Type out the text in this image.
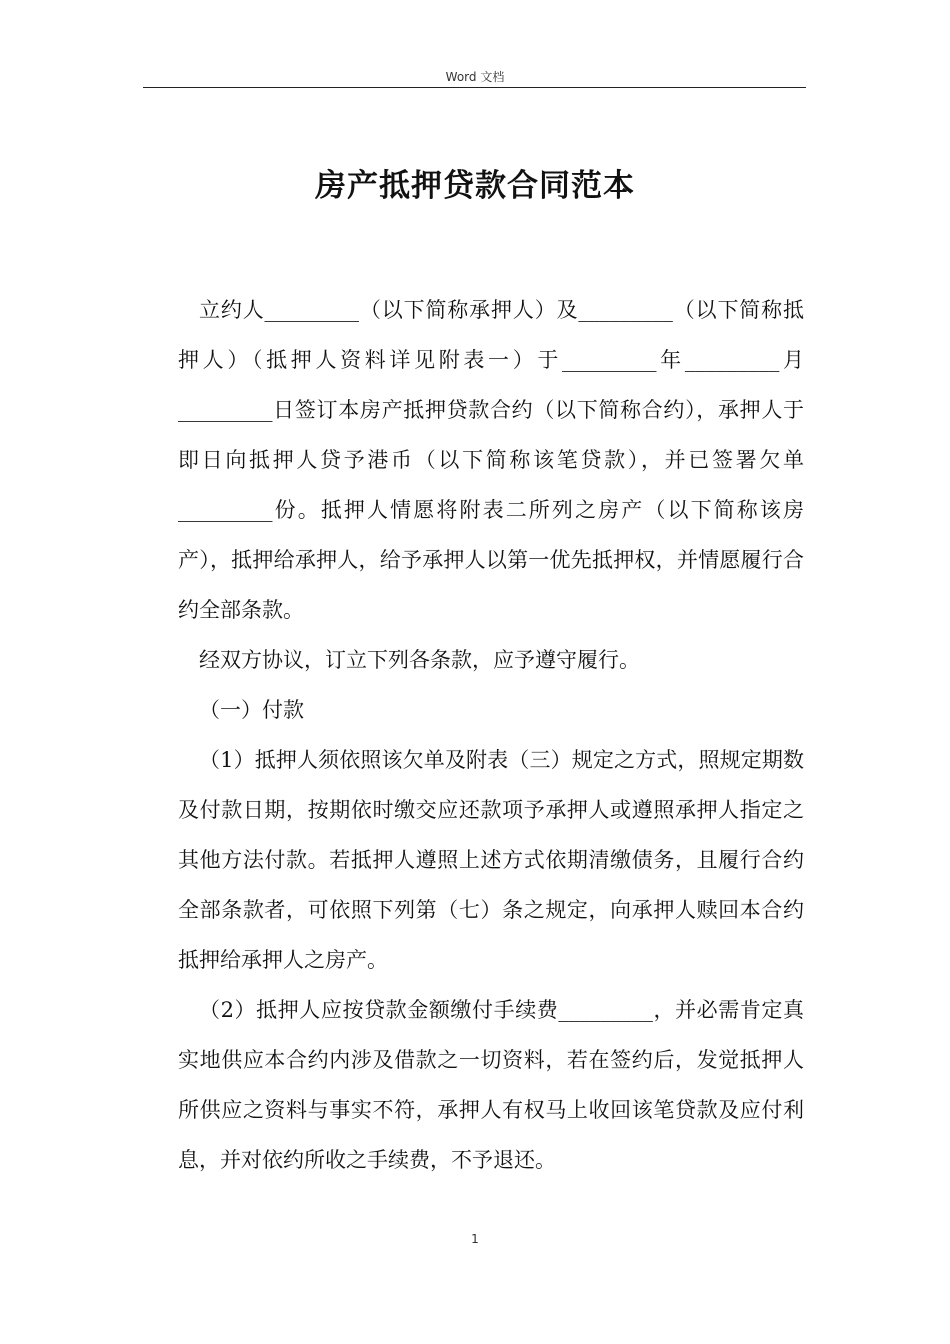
Word 文档
房产抵押贷款合同范本

立约人_________（以下简称承押人）及_________（以下简称抵押人）（抵押人资料详见附表一）于_________年_________月_________日签订本房产抵押贷款合约（以下简称合约），承押人于即日向抵押人贷予港币（以下简称该笔贷款），并已签署欠单_________份。抵押人情愿将附表二所列之房产（以下简称该房产），抵押给承押人，给予承押人以第一优先抵押权，并情愿履行合约全部条款。

经双方协议，订立下列各条款，应予遵守履行。

（一）付款

（1）抵押人须依照该欠单及附表（三）规定之方式，照规定期数及付款日期，按期依时缴交应还款项予承押人或遵照承押人指定之其他方法付款。若抵押人遵照上述方式依期清缴债务，且履行合约全部条款者，可依照下列第（七）条之规定，向承押人赎回本合约抵押给承押人之房产。

（2）抵押人应按贷款金额缴付手续费_________，并必需肯定真实地供应本合约内涉及借款之一切资料，若在签约后，发觉抵押人所供应之资料与事实不符，承押人有权马上收回该笔贷款及应付利息，并对依约所收之手续费，不予退还。

1
